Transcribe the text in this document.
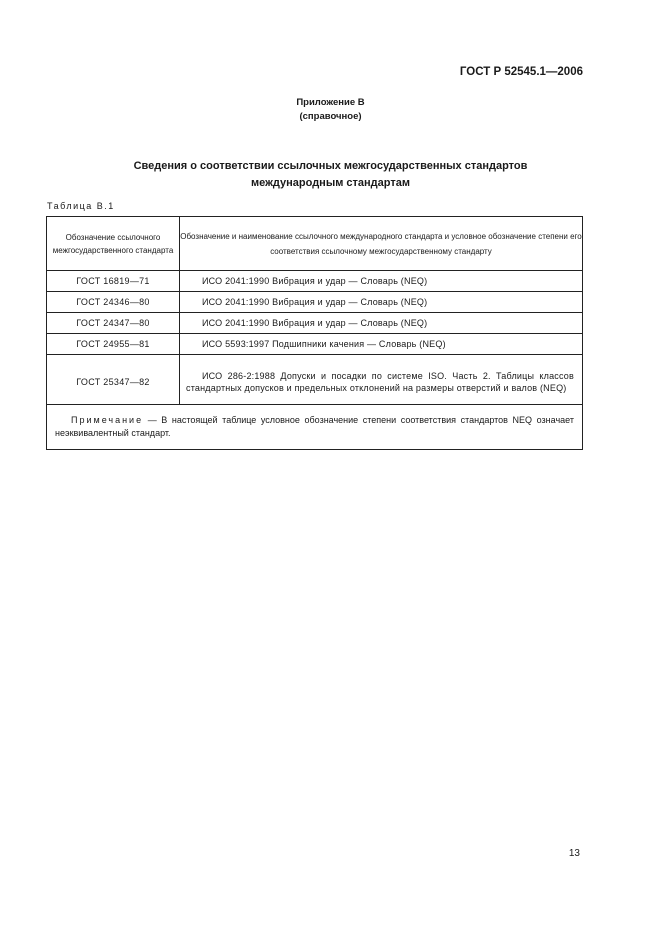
ГОСТ Р 52545.1—2006
Приложение В
(справочное)
Сведения о соответствии ссылочных межгосударственных стандартов
международным стандартам
Таблица В.1
Обозначение ссылочного межгосударственного стандарта	Обозначение и наименование ссылочного международного стандарта и условное обозначение степени его соответствия ссылочному межгосударственному стандарту
ГОСТ 16819—71	ИСО 2041:1990 Вибрация и удар — Словарь (NEQ)
ГОСТ 24346—80	ИСО 2041:1990 Вибрация и удар — Словарь (NEQ)
ГОСТ 24347—80	ИСО 2041:1990 Вибрация и удар — Словарь (NEQ)
ГОСТ 24955—81	ИСО 5593:1997 Подшипники качения — Словарь (NEQ)
ГОСТ 25347—82	ИСО 286-2:1988 Допуски и посадки по системе ISO. Часть 2. Таблицы классов стандартных допусков и предельных отклонений на размеры отверстий и валов (NEQ)
Примечание — В настоящей таблице условное обозначение степени соответствия стандартов NEQ означает неэквивалентный стандарт.	
13
